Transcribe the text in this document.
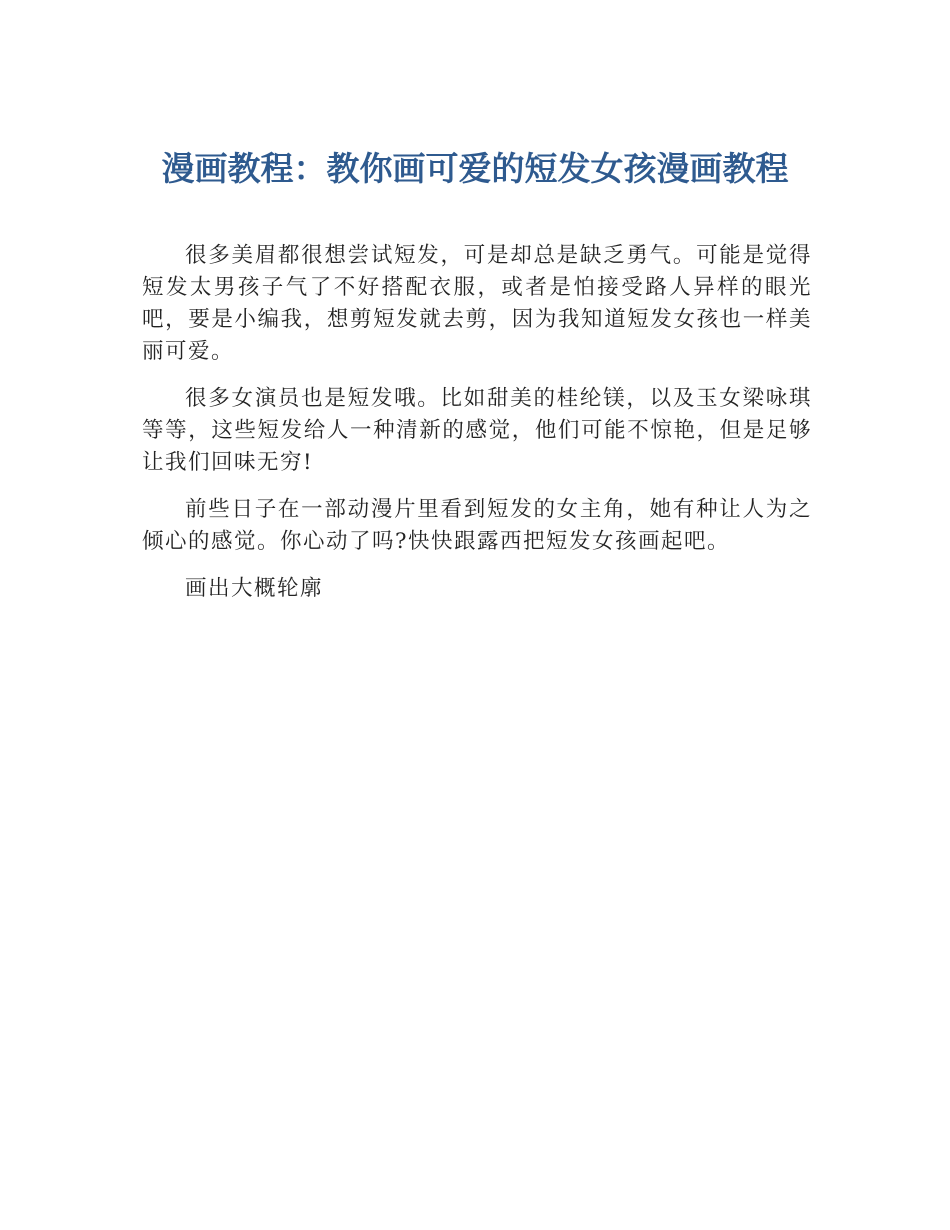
漫画教程：教你画可爱的短发女孩漫画教程

很多美眉都很想尝试短发，可是却总是缺乏勇气。可能是觉得短发太男孩子气了不好搭配衣服，或者是怕接受路人异样的眼光吧，要是小编我，想剪短发就去剪，因为我知道短发女孩也一样美丽可爱。

很多女演员也是短发哦。比如甜美的桂纶镁，以及玉女梁咏琪等等，这些短发给人一种清新的感觉，他们可能不惊艳，但是足够让我们回味无穷!

前些日子在一部动漫片里看到短发的女主角，她有种让人为之倾心的感觉。你心动了吗?快快跟露西把短发女孩画起吧。

画出大概轮廓
